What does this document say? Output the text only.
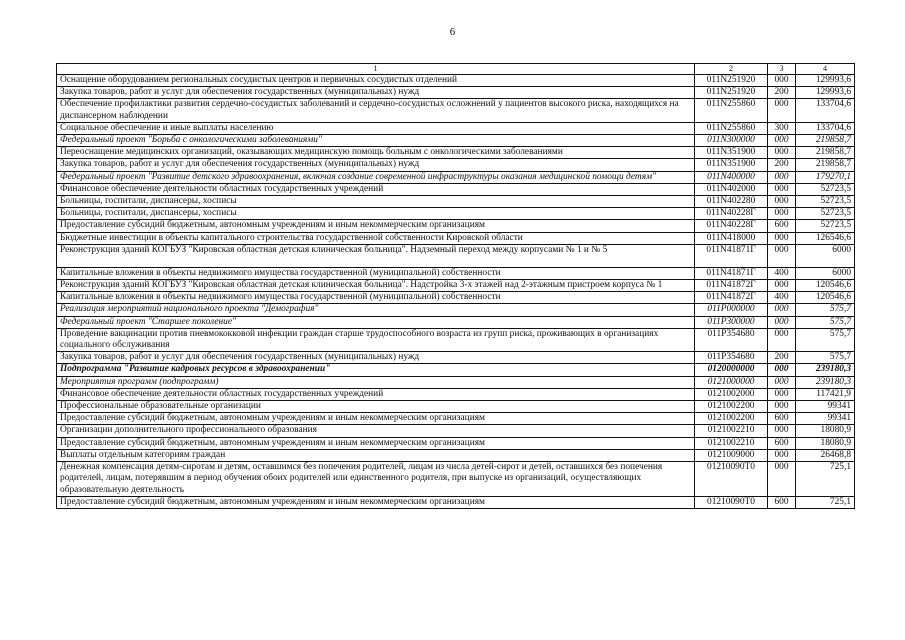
6
1	2	3	4
Оснащение оборудованием региональных сосудистых центров и первичных сосудистых отделений	011N251920	000	129993,6
Закупка товаров, работ и услуг для обеспечения государственных (муниципальных) нужд	011N251920	200	129993,6
Обеспечение профилактики развития сердечно-сосудистых заболеваний и сердечно-сосудистых осложнений у пациентов высокого риска, находящихся на диспансерном наблюдении	011N255860	000	133704,6
Социальное обеспечение и иные выплаты населению	011N255860	300	133704,6
Федеральный проект "Борьба с онкологическими заболеваниями"	011N300000	000	219858,7
Переоснащение медицинских организаций, оказывающих медицинскую помощь больным с онкологическими заболеваниями	011N351900	000	219858,7
Закупка товаров, работ и услуг для обеспечения государственных (муниципальных) нужд	011N351900	200	219858,7
Федеральный проект "Развитие детского здравоохранения, включая создание современной инфраструктуры оказания медицинской помощи детям"	011N400000	000	179270,1
Финансовое обеспечение деятельности областных государственных учреждений	011N402000	000	52723,5
Больницы, госпитали, диспансеры, хосписы	011N402280	000	52723,5
Больницы, госпитали, диспансеры, хосписы	011N40228Г	000	52723,5
Предоставление субсидий бюджетным, автономным учреждениям и иным некоммерческим организациям	011N40228Г	600	52723,5
Бюджетные инвестиции в объекты капитального строительства государственной собственности Кировской области	011N418000	000	126546,6
Реконструкция зданий КОГБУЗ "Кировская областная детская клиническая больница". Надземный переход между корпусами № 1 и № 5	011N41871Г	000	6000
Капитальные вложения в объекты недвижимого имущества государственной (муниципальной) собственности	011N41871Г	400	6000
Реконструкция зданий КОГБУЗ "Кировская областная детская клиническая больница". Надстройка 3-х этажей над 2-этажным пристроем корпуса № 1	011N41872Г	000	120546,6
Капитальные вложения в объекты недвижимого имущества государственной (муниципальной) собственности	011N41872Г	400	120546,6
Реализация мероприятий национального проекта "Демография"	011P000000	000	575,7
Федеральный проект "Старшее поколение"	011P300000	000	575,7
Проведение вакцинации против пневмококковой инфекции граждан старше трудоспособного возраста из групп риска, проживающих в организациях социального обслуживания	011P354680	000	575,7
Закупка товаров, работ и услуг для обеспечения государственных (муниципальных) нужд	011P354680	200	575,7
Подпрограмма "Развитие кадровых ресурсов в здравоохранении"	0120000000	000	239180,3
Мероприятия программ (подпрограмм)	0121000000	000	239180,3
Финансовое обеспечение деятельности областных государственных учреждений	0121002000	000	117421,9
Профессиональные образовательные организации	0121002200	000	99341
Предоставление субсидий бюджетным, автономным учреждениям и иным некоммерческим организациям	0121002200	600	99341
Организации дополнительного профессионального образования	0121002210	000	18080,9
Предоставление субсидий бюджетным, автономным учреждениям и иным некоммерческим организациям	0121002210	600	18080,9
Выплаты отдельным категориям граждан	0121009000	000	26468,8
Денежная компенсация детям-сиротам и детям, оставшимся без попечения родителей, лицам из числа детей-сирот и детей, оставшихся без попечения родителей, лицам, потерявшим в период обучения обоих родителей или единственного родителя, при выпуске из организаций, осуществляющих образовательную деятельность	01210090Т0	000	725,1
Предоставление субсидий бюджетным, автономным учреждениям и иным некоммерческим организациям	01210090Т0	600	725,1
